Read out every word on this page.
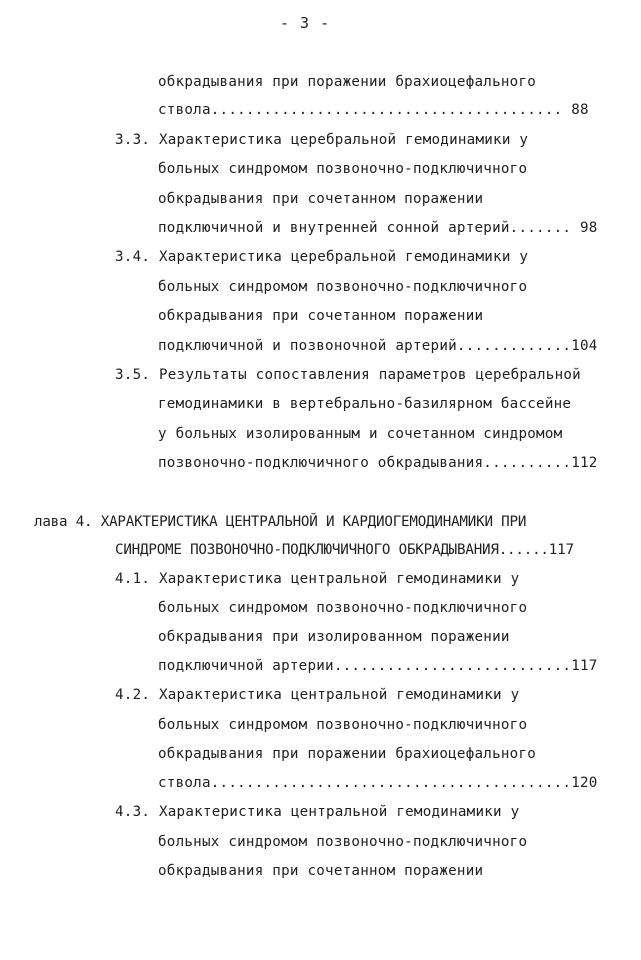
- 3 -
обкрадывания при поражении брахиоцефального
ствола........................................ 88
3.3. Характеристика церебральной гемодинамики у
больных синдромом позвоночно-подключичного
обкрадывания при сочетанном поражении
подключичной и внутренней сонной артерий....... 98
3.4. Характеристика церебральной гемодинамики у
больных синдромом позвоночно-подключичного
обкрадывания при сочетанном поражении
подключичной и позвоночной артерий.............104
3.5. Результаты сопоставления параметров церебральной
гемодинамики в вертебрально-базилярном бассейне
у больных изолированным и сочетанном синдромом
позвоночно-подключичного обкрадывания..........112
лава 4. ХАРАКТЕРИСТИКА ЦЕНТРАЛЬНОЙ И КАРДИОГЕМОДИНАМИКИ ПРИ
СИНДРОМЕ ПОЗВОНОЧНО-ПОДКЛЮЧИЧНОГО ОБКРАДЫВАНИЯ......117
4.1. Характеристика центральной гемодинамики у
больных синдромом позвоночно-подключичного
обкрадывания при изолированном поражении
подключичной артерии...........................117
4.2. Характеристика центральной гемодинамики у
больных синдромом позвоночно-подключичного
обкрадывания при поражении брахиоцефального
ствола.........................................120
4.3. Характеристика центральной гемодинамики у
больных синдромом позвоночно-подключичного
обкрадывания при сочетанном поражении
